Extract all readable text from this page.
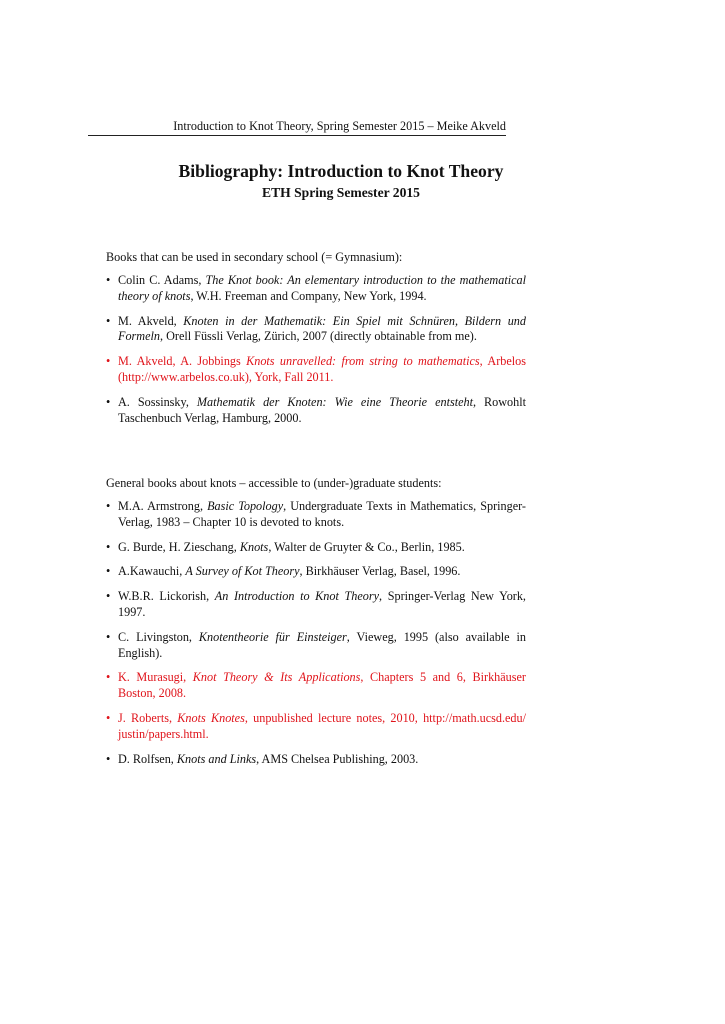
Introduction to Knot Theory, Spring Semester 2015 – Meike Akveld
Bibliography: Introduction to Knot Theory
ETH Spring Semester 2015
Books that can be used in secondary school (= Gymnasium):
• Colin C. Adams, The Knot book: An elementary introduction to the mathematical theory of knots, W.H. Freeman and Company, New York, 1994.
• M. Akveld, Knoten in der Mathematik: Ein Spiel mit Schnüren, Bildern und Formeln, Orell Füssli Verlag, Zürich, 2007 (directly obtainable from me).
• M. Akveld, A. Jobbings Knots unravelled: from string to mathematics, Arbelos (http://www.arbelos.co.uk), York, Fall 2011.
• A. Sossinsky, Mathematik der Knoten: Wie eine Theorie entsteht, Rowohlt Taschenbuch Verlag, Hamburg, 2000.
General books about knots – accessible to (under-)graduate students:
• M.A. Armstrong, Basic Topology, Undergraduate Texts in Mathematics, Springer-Verlag, 1983 – Chapter 10 is devoted to knots.
• G. Burde, H. Zieschang, Knots, Walter de Gruyter & Co., Berlin, 1985.
• A.Kawauchi, A Survey of Kot Theory, Birkhäuser Verlag, Basel, 1996.
• W.B.R. Lickorish, An Introduction to Knot Theory, Springer-Verlag New York, 1997.
• C. Livingston, Knotentheorie für Einsteiger, Vieweg, 1995 (also available in English).
• K. Murasugi, Knot Theory & Its Applications, Chapters 5 and 6, Birkhäuser Boston, 2008.
• J. Roberts, Knots Knotes, unpublished lecture notes, 2010, http://math.ucsd.edu/ justin/papers.html.
• D. Rolfsen, Knots and Links, AMS Chelsea Publishing, 2003.
